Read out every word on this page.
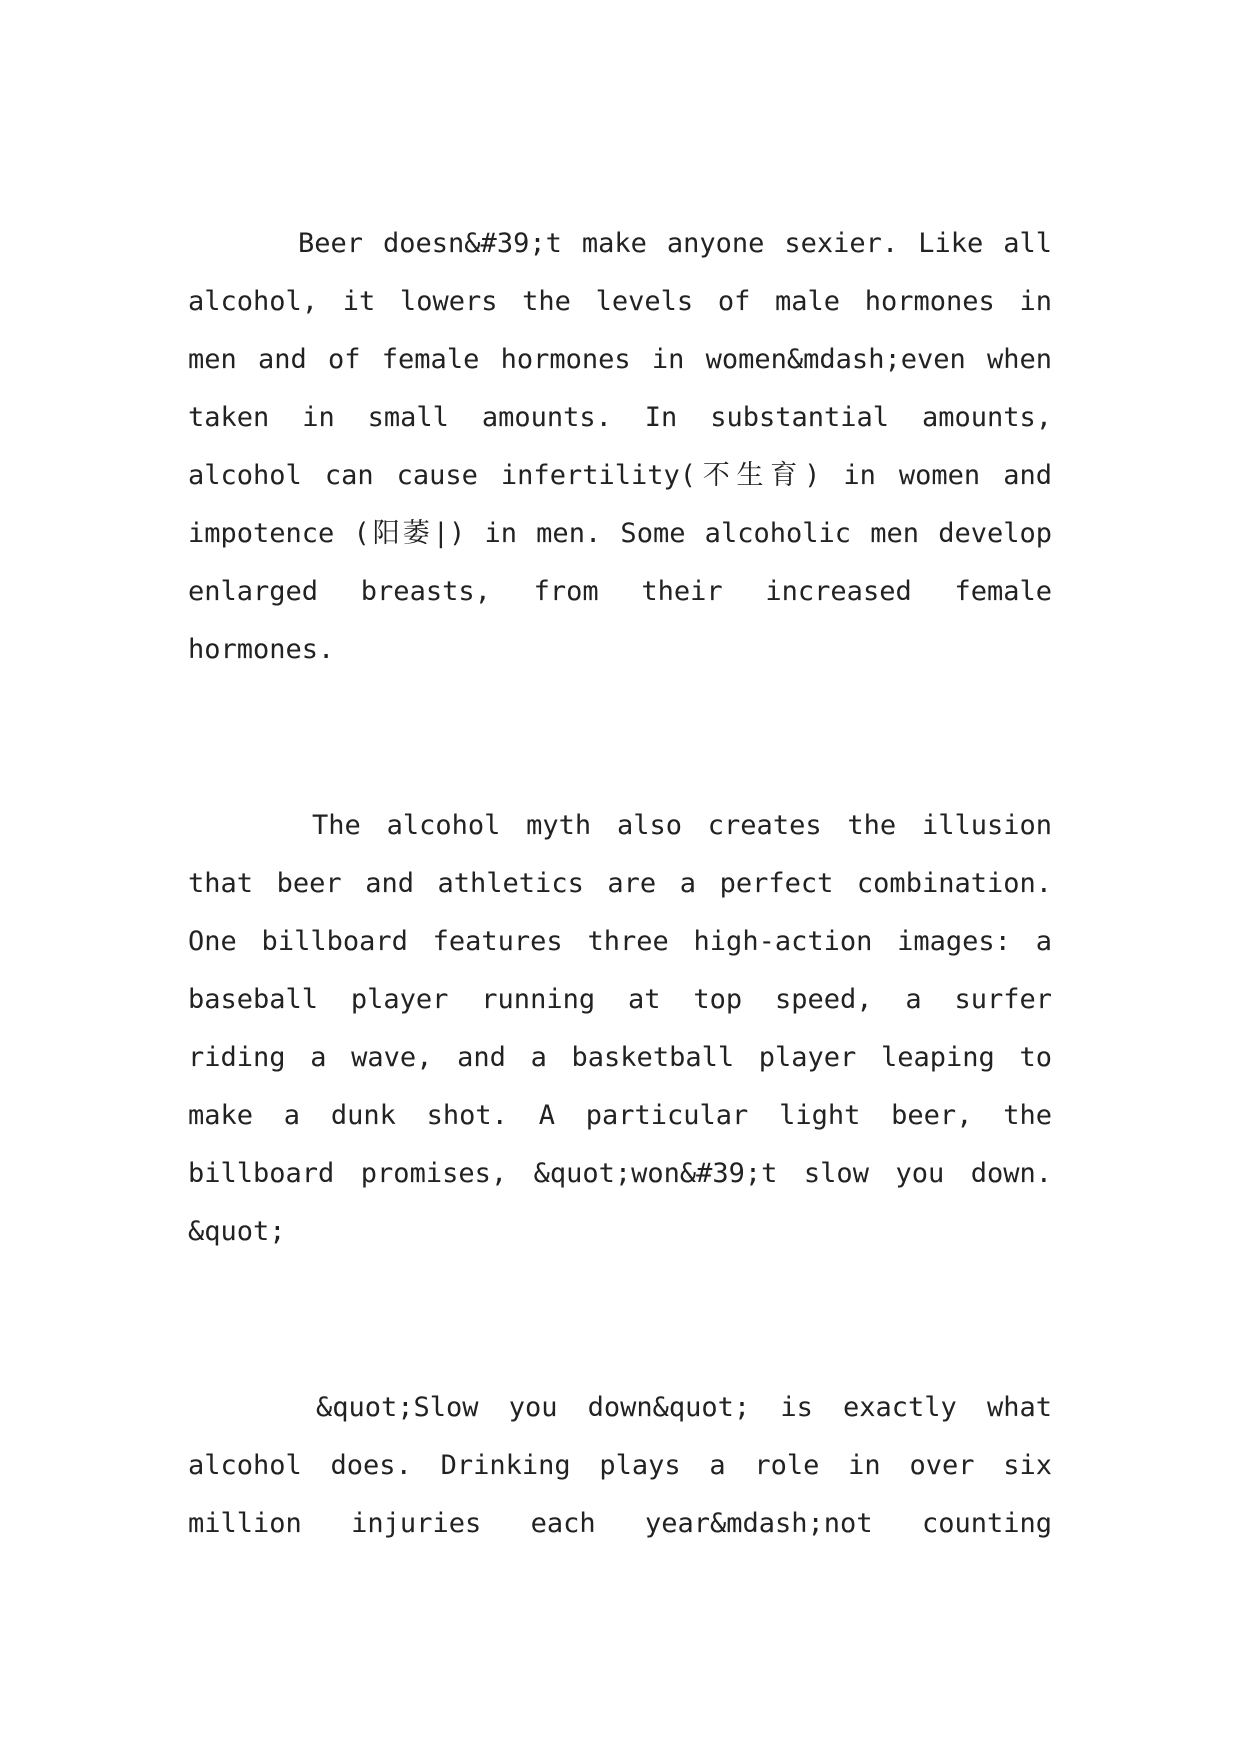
Beer doesn&#39;t make anyone sexier. Like all
alcohol, it lowers the levels of male hormones in
men and of female hormones in women&mdash;even when
taken in small amounts. In substantial amounts,
alcohol can cause infertility(不生育) in women and
impotence (阳萎|) in men. Some alcoholic men develop
enlarged breasts, from their increased female
hormones.
The alcohol myth also creates the illusion
that beer and athletics are a perfect combination.
One billboard features three high-action images: a
baseball player running at top speed, a surfer
riding a wave, and a basketball player leaping to
make a dunk shot. A particular light beer, the
billboard promises, &quot;won&#39;t slow you down.
&quot;
&quot;Slow you down&quot; is exactly what
alcohol does. Drinking plays a role in over six
million injuries each year&mdash;not counting
